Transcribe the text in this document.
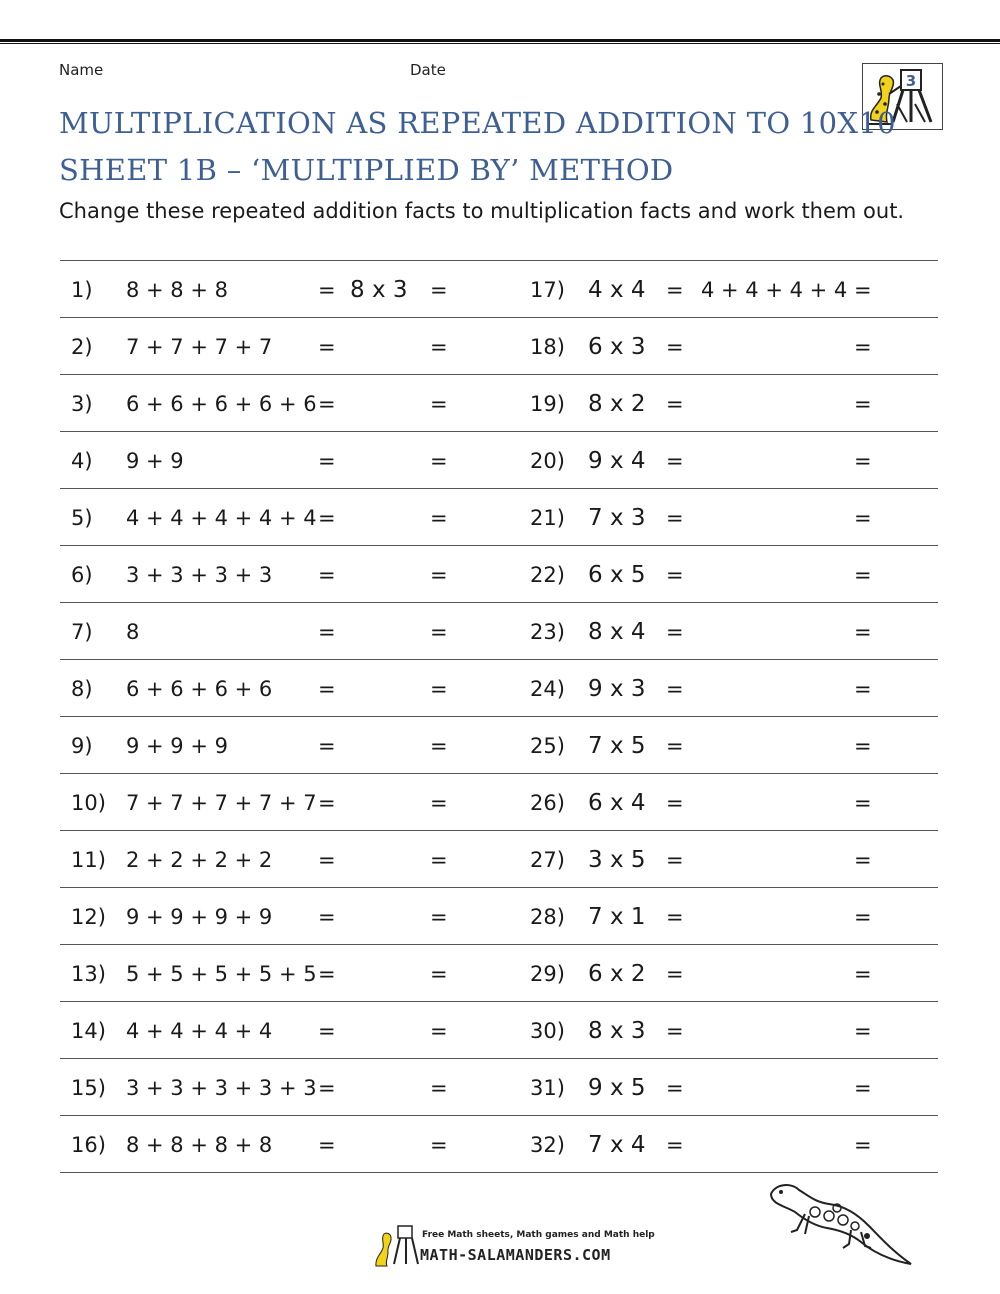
Name	Date
3
MULTIPLICATION AS REPEATED ADDITION TO 10X10
SHEET 1B – ‘MULTIPLIED BY’ METHOD
Change these repeated addition facts to multiplication facts and work them out.
1) 8 + 8 + 8	= 8 x 3 =	17) 4 x 4 = 4 + 4 + 4 + 4 =
2) 7 + 7 + 7 + 7 =	=	18) 6 x 3 =	=
3) 6 + 6 + 6 + 6 + 6 =	=	19) 8 x 2 =	=
4) 9 + 9	=	=	20) 9 x 4 =	=
5) 4 + 4 + 4 + 4 + 4 =	=	21) 7 x 3 =	=
6) 3 + 3 + 3 + 3 =	=	22) 6 x 5 =	=
7) 8	=	=	23) 8 x 4 =	=
8) 6 + 6 + 6 + 6 =	=	24) 9 x 3 =	=
9) 9 + 9 + 9	=	=	25) 7 x 5 =	=
10) 7 + 7 + 7 + 7 + 7 =	=	26) 6 x 4 =	=
11) 2 + 2 + 2 + 2 =	=	27) 3 x 5 =	=
12) 9 + 9 + 9 + 9 =	=	28) 7 x 1 =	=
13) 5 + 5 + 5 + 5 + 5 =	=	29) 6 x 2 =	=
14) 4 + 4 + 4 + 4 =	=	30) 8 x 3 =	=
15) 3 + 3 + 3 + 3 + 3 =	=	31) 9 x 5 =	=
16) 8 + 8 + 8 + 8 =	=	32) 7 x 4 =	=
Free Math sheets, Math games and Math help
MATH-SALAMANDERS.COM
